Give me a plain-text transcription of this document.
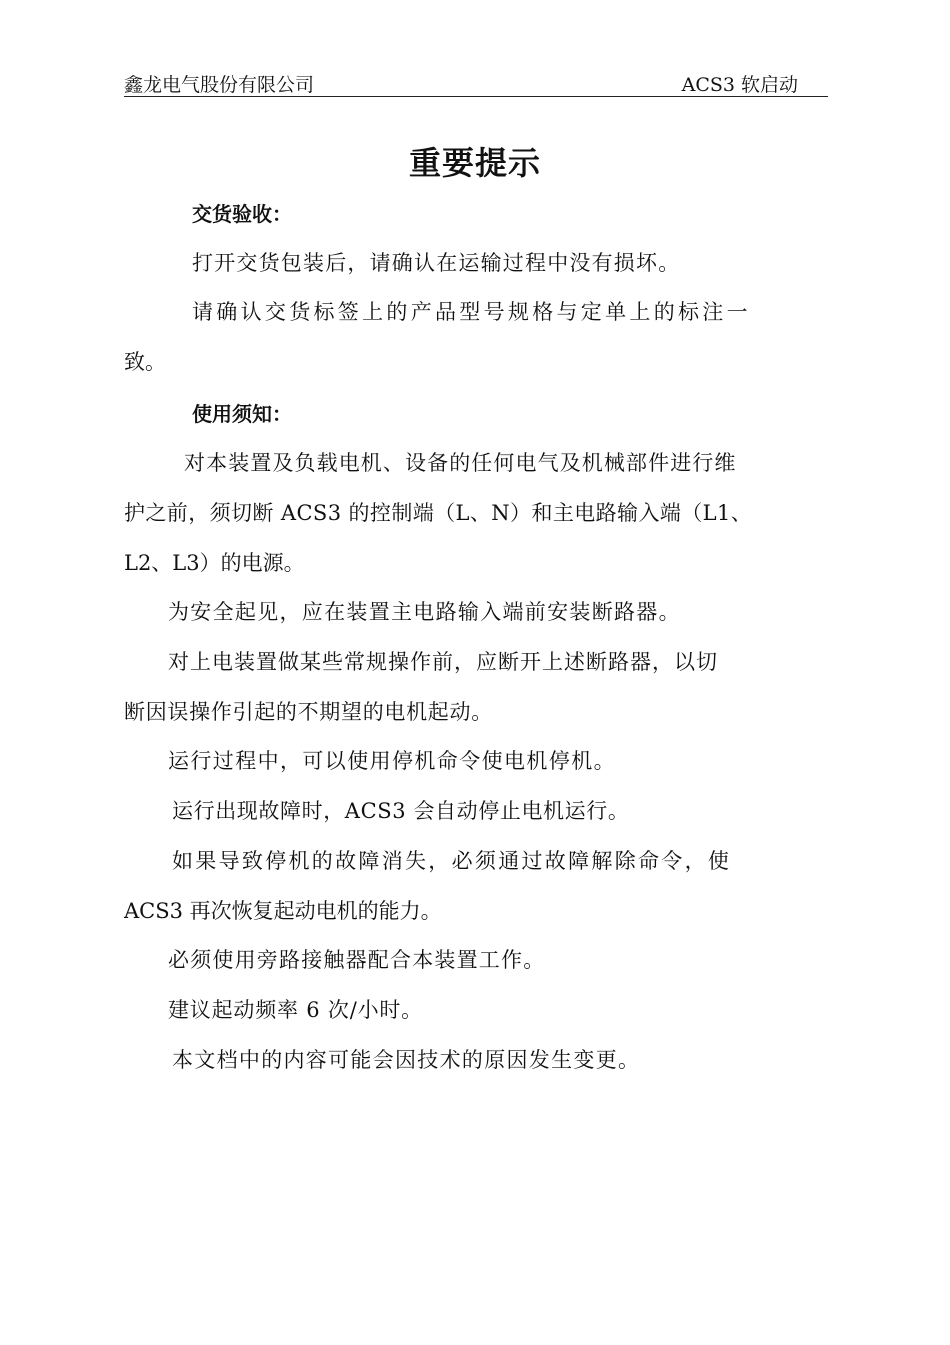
鑫龙电气股份有限公司	ACS3 软启动
重要提示
交货验收：
打开交货包装后，请确认在运输过程中没有损坏。
请确认交货标签上的产品型号规格与定单上的标注一
致。
使用须知：
对本装置及负载电机、设备的任何电气及机械部件进行维
护之前，须切断 ACS3 的控制端（L、N）和主电路输入端（L1、
L2、L3）的电源。
为安全起见，应在装置主电路输入端前安装断路器。
对上电装置做某些常规操作前，应断开上述断路器，以切
断因误操作引起的不期望的电机起动。
运行过程中，可以使用停机命令使电机停机。
运行出现故障时，ACS3 会自动停止电机运行。
如果导致停机的故障消失，必须通过故障解除命令，使
ACS3 再次恢复起动电机的能力。
必须使用旁路接触器配合本装置工作。
建议起动频率 6 次/小时。
本文档中的内容可能会因技术的原因发生变更。
